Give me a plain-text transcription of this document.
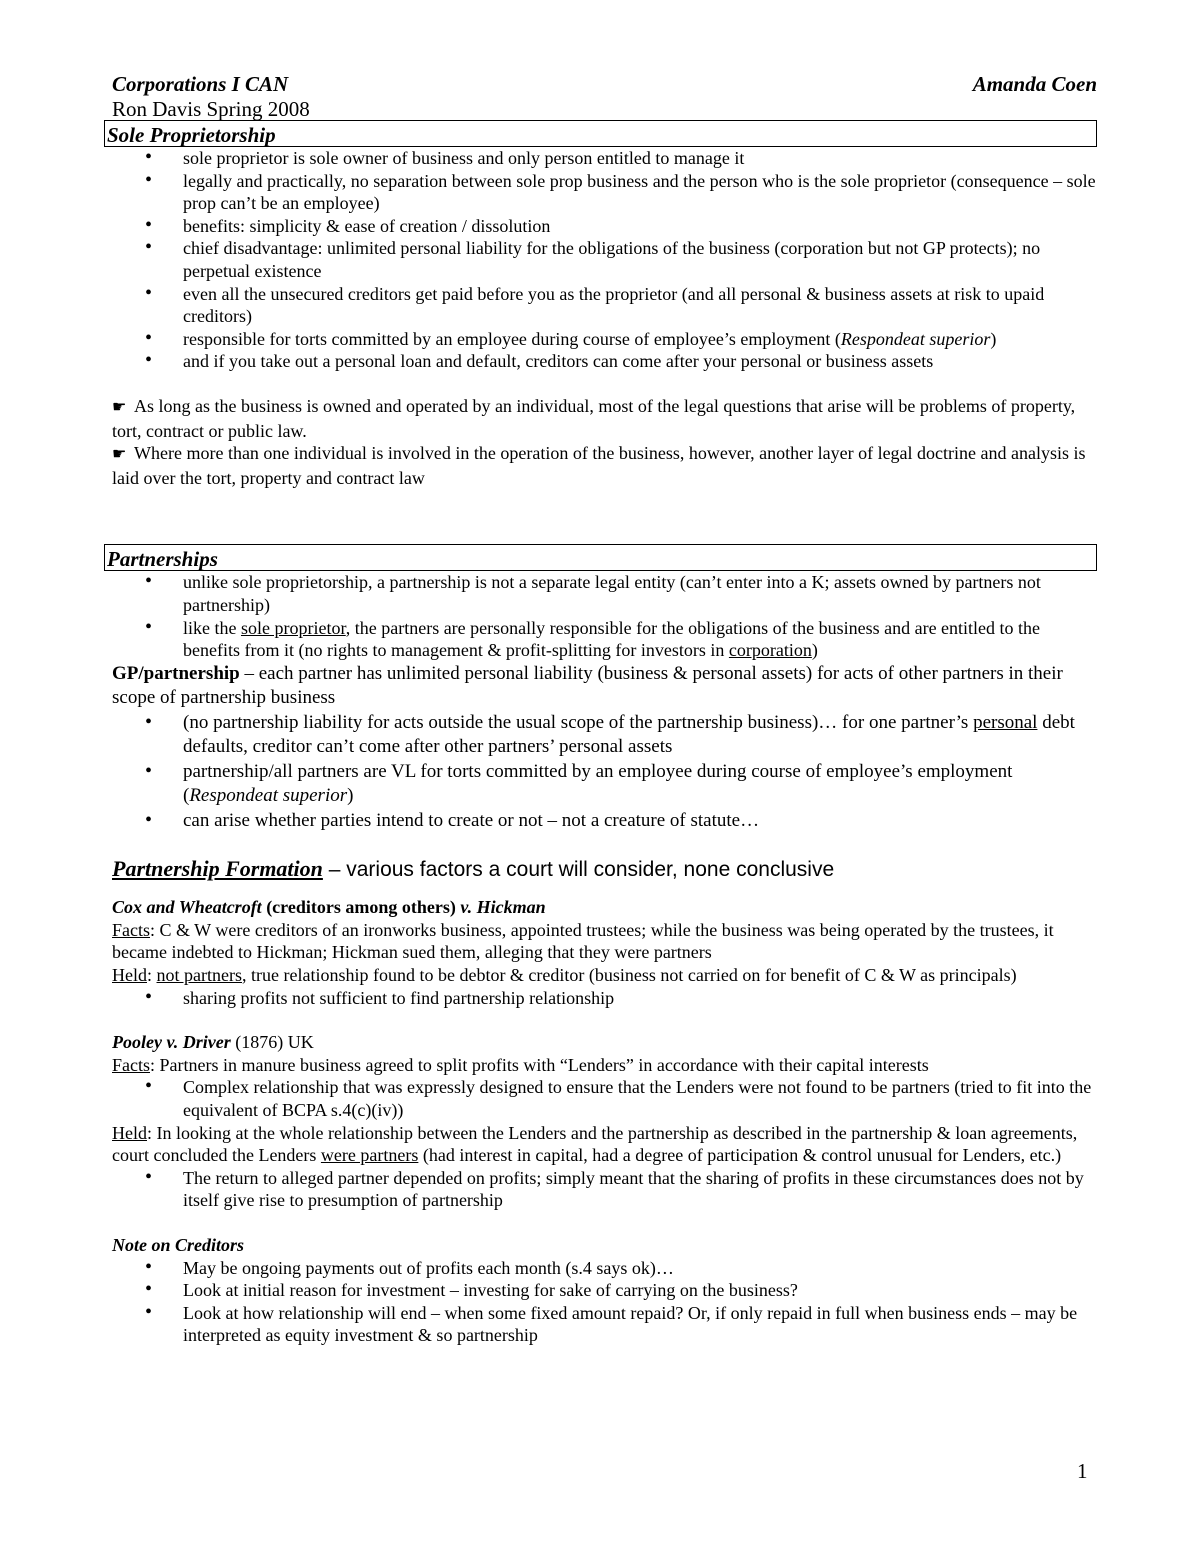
Corporations I CAN	Amanda Coen
Ron Davis Spring 2008
Sole Proprietorship
• sole proprietor is sole owner of business and only person entitled to manage it
• legally and practically, no separation between sole prop business and the person who is the sole proprietor (consequence – sole prop can’t be an employee)
• benefits: simplicity & ease of creation / dissolution
• chief disadvantage: unlimited personal liability for the obligations of the business (corporation but not GP protects); no perpetual existence
• even all the unsecured creditors get paid before you as the proprietor (and all personal & business assets at risk to upaid creditors)
• responsible for torts committed by an employee during course of employee’s employment (Respondeat superior)
• and if you take out a personal loan and default, creditors can come after your personal or business assets

☛ As long as the business is owned and operated by an individual, most of the legal questions that arise will be problems of property, tort, contract or public law.

☛ Where more than one individual is involved in the operation of the business, however, another layer of legal doctrine and analysis is laid over the tort, property and contract law

Partnerships
• unlike sole proprietorship, a partnership is not a separate legal entity (can’t enter into a K; assets owned by partners not partnership)
• like the sole proprietor, the partners are personally responsible for the obligations of the business and are entitled to the benefits from it (no rights to management & profit-splitting for investors in corporation)

GP/partnership – each partner has unlimited personal liability (business & personal assets) for acts of other partners in their scope of partnership business

• (no partnership liability for acts outside the usual scope of the partnership business)… for one partner’s personal debt defaults, creditor can’t come after other partners’ personal assets
• partnership/all partners are VL for torts committed by an employee during course of employee’s employment (Respondeat superior)
• can arise whether parties intend to create or not – not a creature of statute…

Partnership Formation – various factors a court will consider, none conclusive

Cox and Wheatcroft (creditors among others) v. Hickman

Facts: C & W were creditors of an ironworks business, appointed trustees; while the business was being operated by the trustees, it became indebted to Hickman; Hickman sued them, alleging that they were partners

Held: not partners, true relationship found to be debtor & creditor (business not carried on for benefit of C & W as principals)

• sharing profits not sufficient to find partnership relationship

Pooley v. Driver (1876) UK

Facts: Partners in manure business agreed to split profits with “Lenders” in accordance with their capital interests

• Complex relationship that was expressly designed to ensure that the Lenders were not found to be partners (tried to fit into the equivalent of BCPA s.4(c)(iv))

Held: In looking at the whole relationship between the Lenders and the partnership as described in the partnership & loan agreements, court concluded the Lenders were partners (had interest in capital, had a degree of participation & control unusual for Lenders, etc.)

• The return to alleged partner depended on profits; simply meant that the sharing of profits in these circumstances does not by itself give rise to presumption of partnership

Note on Creditors

• May be ongoing payments out of profits each month (s.4 says ok)…
• Look at initial reason for investment – investing for sake of carrying on the business?
• Look at how relationship will end – when some fixed amount repaid? Or, if only repaid in full when business ends – may be interpreted as equity investment & so partnership
1
